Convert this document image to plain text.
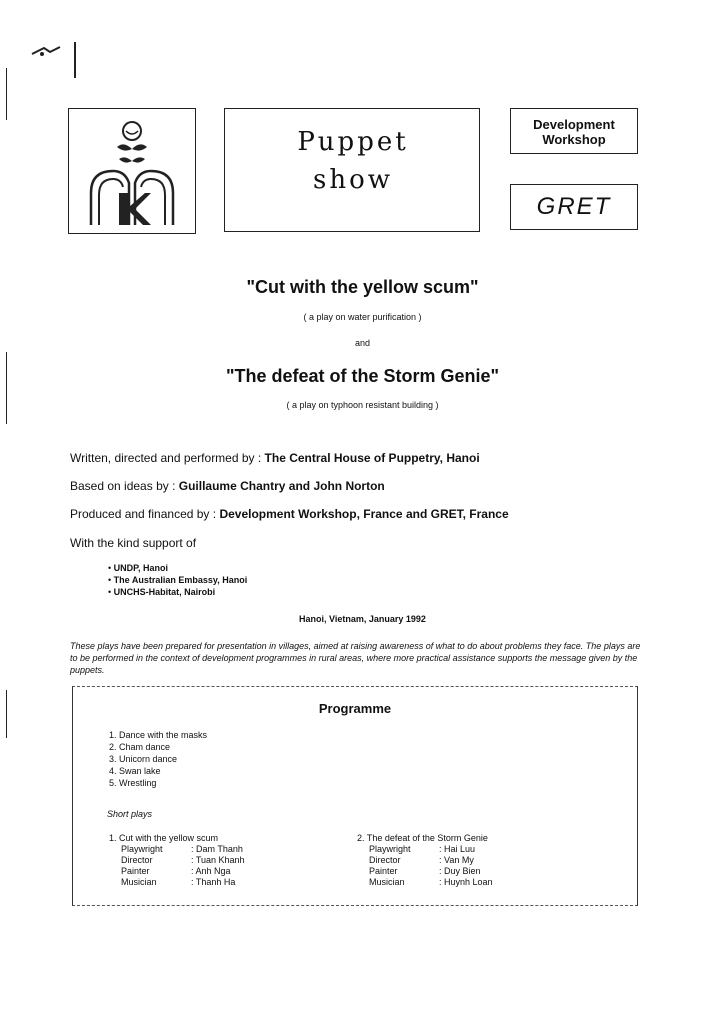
Puppet
show
Development Workshop
GRET
"Cut with the yellow scum"
( a play on water purification )
and
"The defeat of the Storm Genie"
( a play on typhoon resistant building )
Written, directed and performed by : The Central House of Puppetry, Hanoi
Based on ideas by : Guillaume Chantry and John Norton
Produced and financed by : Development Workshop, France and GRET, France
With the kind support of
• UNDP, Hanoi
• The Australian Embassy, Hanoi
• UNCHS-Habitat, Nairobi
Hanoi, Vietnam, January 1992
These plays have been prepared for presentation in villages, aimed at raising awareness of what to do about problems they face. The plays are to be performed in the context of development programmes in rural areas, where more practical assistance supports the message given by the puppets.
Programme
1. Dance with the masks
2. Cham dance
3. Unicorn dance
4. Swan lake
5. Wrestling
Short plays
1. Cut with the yellow scum
Playwright	: Dam Thanh
Director	: Tuan Khanh
Painter	: Anh Nga
Musician	: Thanh Ha
2. The defeat of the Storm Genie
Playwright	: Hai Luu
Director	: Van My
Painter	: Duy Bien
Musician	: Huynh Loan
